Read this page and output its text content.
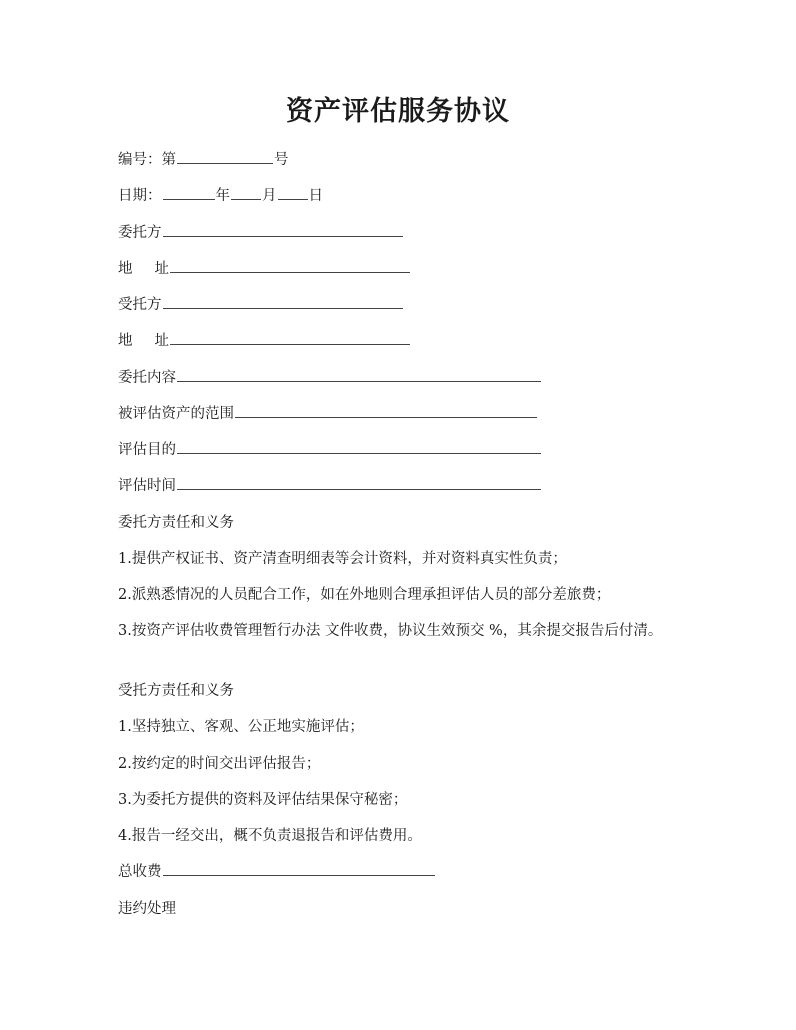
资产评估服务协议
编号：第	号
日期：	年 月 日
委托方
地 址
受托方
地 址
委托内容
被评估资产的范围
评估目的
评估时间
委托方责任和义务
1.提供产权证书、资产清查明细表等会计资料，并对资料真实性负责；
2.派熟悉情况的人员配合工作，如在外地则合理承担评估人员的部分差旅费；
3.按资产评估收费管理暂行办法 文件收费，协议生效预交 %，其余提交报告后付清。
受托方责任和义务
1.坚持独立、客观、公正地实施评估；
2.按约定的时间交出评估报告；
3.为委托方提供的资料及评估结果保守秘密；
4.报告一经交出，概不负责退报告和评估费用。
总收费
违约处理
